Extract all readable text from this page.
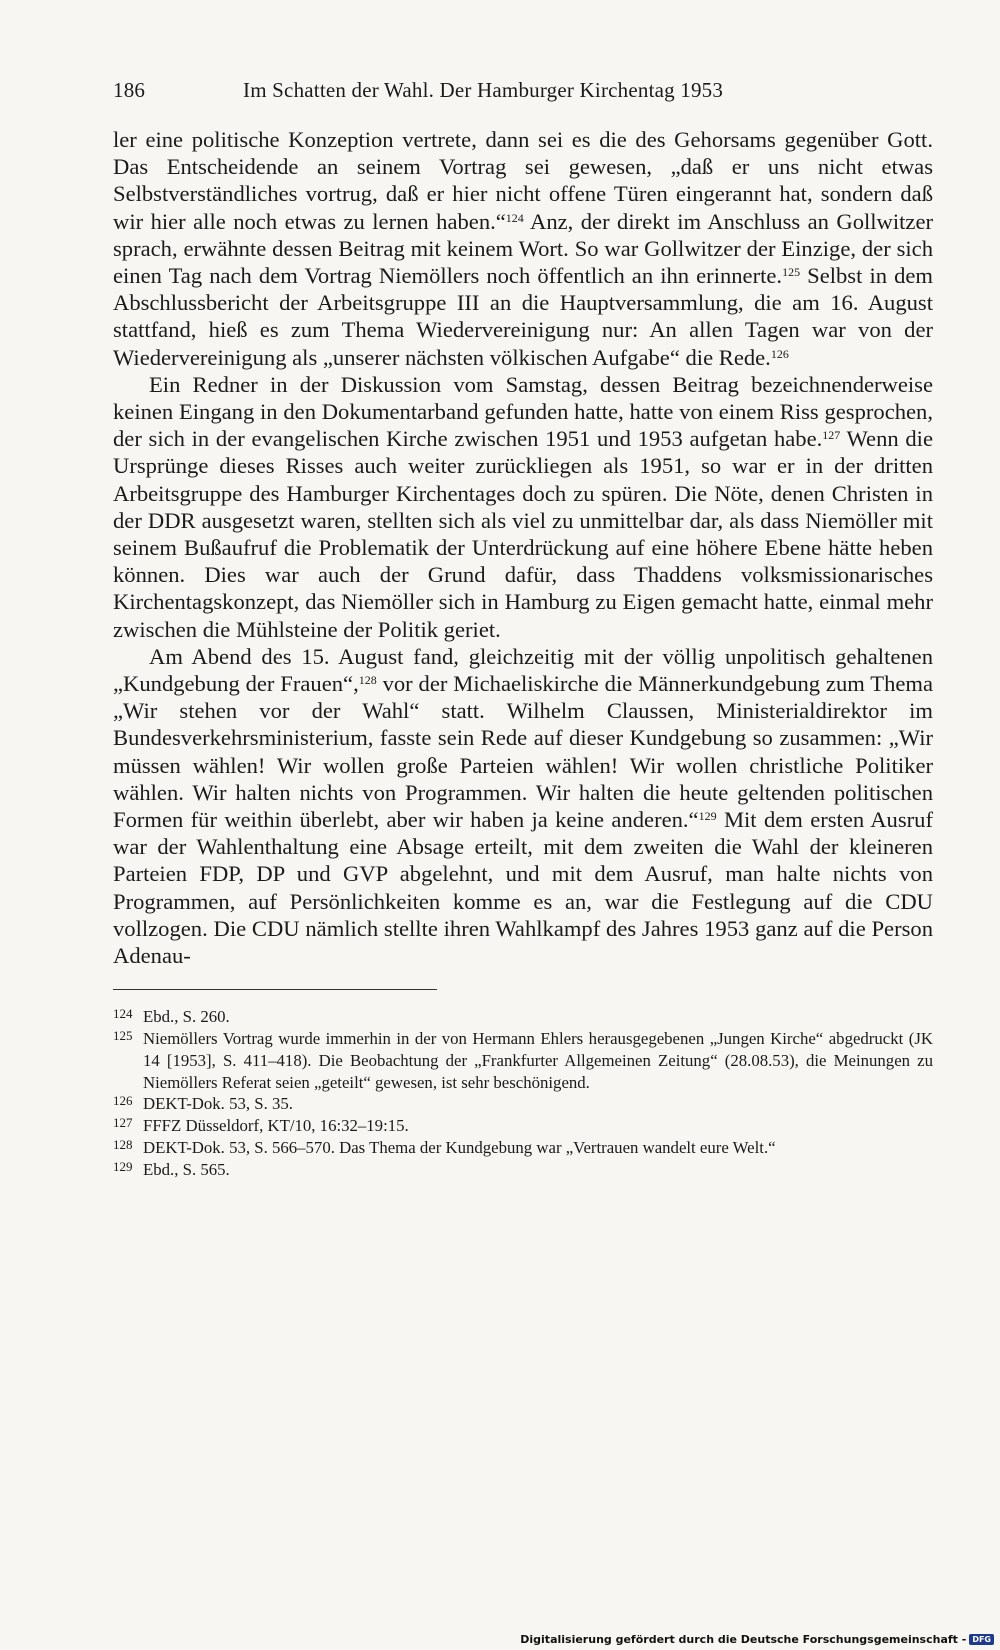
186	Im Schatten der Wahl. Der Hamburger Kirchentag 1953

ler eine politische Konzeption vertrete, dann sei es die des Gehorsams gegenüber Gott. Das Entscheidende an seinem Vortrag sei gewesen, „daß er uns nicht etwas Selbstverständliches vortrug, daß er hier nicht offene Türen eingerannt hat, sondern daß wir hier alle noch etwas zu lernen haben.“$^{124}$ Anz, der direkt im Anschluss an Gollwitzer sprach, erwähnte dessen Beitrag mit keinem Wort. So war Gollwitzer der Einzige, der sich einen Tag nach dem Vortrag Niemöllers noch öffentlich an ihn erinnerte.$^{125}$ Selbst in dem Abschlussbericht der Arbeitsgruppe III an die Hauptversammlung, die am 16. August stattfand, hieß es zum Thema Wiedervereinigung nur: An allen Tagen war von der Wiedervereinigung als „unserer nächsten völkischen Aufgabe“ die Rede.$^{126}$

Ein Redner in der Diskussion vom Samstag, dessen Beitrag bezeichnenderweise keinen Eingang in den Dokumentarband gefunden hatte, hatte von einem Riss gesprochen, der sich in der evangelischen Kirche zwischen 1951 und 1953 aufgetan habe.$^{127}$ Wenn die Ursprünge dieses Risses auch weiter zurückliegen als 1951, so war er in der dritten Arbeitsgruppe des Hamburger Kirchentages doch zu spüren. Die Nöte, denen Christen in der DDR ausgesetzt waren, stellten sich als viel zu unmittelbar dar, als dass Niemöller mit seinem Bußaufruf die Problematik der Unterdrückung auf eine höhere Ebene hätte heben können. Dies war auch der Grund dafür, dass Thaddens volksmissionarisches Kirchentagskonzept, das Niemöller sich in Hamburg zu Eigen gemacht hatte, einmal mehr zwischen die Mühlsteine der Politik geriet.

Am Abend des 15. August fand, gleichzeitig mit der völlig unpolitisch gehaltenen „Kundgebung der Frauen“,$^{128}$ vor der Michaeliskirche die Männerkundgebung zum Thema „Wir stehen vor der Wahl“ statt. Wilhelm Claussen, Ministerialdirektor im Bundesverkehrsministerium, fasste sein Rede auf dieser Kundgebung so zusammen: „Wir müssen wählen! Wir wollen große Parteien wählen! Wir wollen christliche Politiker wählen. Wir halten nichts von Programmen. Wir halten die heute geltenden politischen Formen für weithin überlebt, aber wir haben ja keine anderen.“$^{129}$ Mit dem ersten Ausruf war der Wahlenthaltung eine Absage erteilt, mit dem zweiten die Wahl der kleineren Parteien FDP, DP und GVP abgelehnt, und mit dem Ausruf, man halte nichts von Programmen, auf Persönlichkeiten komme es an, war die Festlegung auf die CDU vollzogen. Die CDU nämlich stellte ihren Wahlkampf des Jahres 1953 ganz auf die Person Adenau-

124 Ebd., S. 260.
125 Niemöllers Vortrag wurde immerhin in der von Hermann Ehlers herausgegebenen „Jungen Kirche“ abgedruckt (JK 14 [1953], S. 411–418). Die Beobachtung der „Frankfurter Allgemeinen Zeitung“ (28.08.53), die Meinungen zu Niemöllers Referat seien „geteilt“ gewesen, ist sehr beschönigend.
126 DEKT-Dok. 53, S. 35.
127 FFFZ Düsseldorf, KT/10, 16:32–19:15.
128 DEKT-Dok. 53, S. 566–570. Das Thema der Kundgebung war „Vertrauen wandelt eure Welt.“
129 Ebd., S. 565.
Digitalisierung gefördert durch die Deutsche Forschungsgemeinschaft - DFG
